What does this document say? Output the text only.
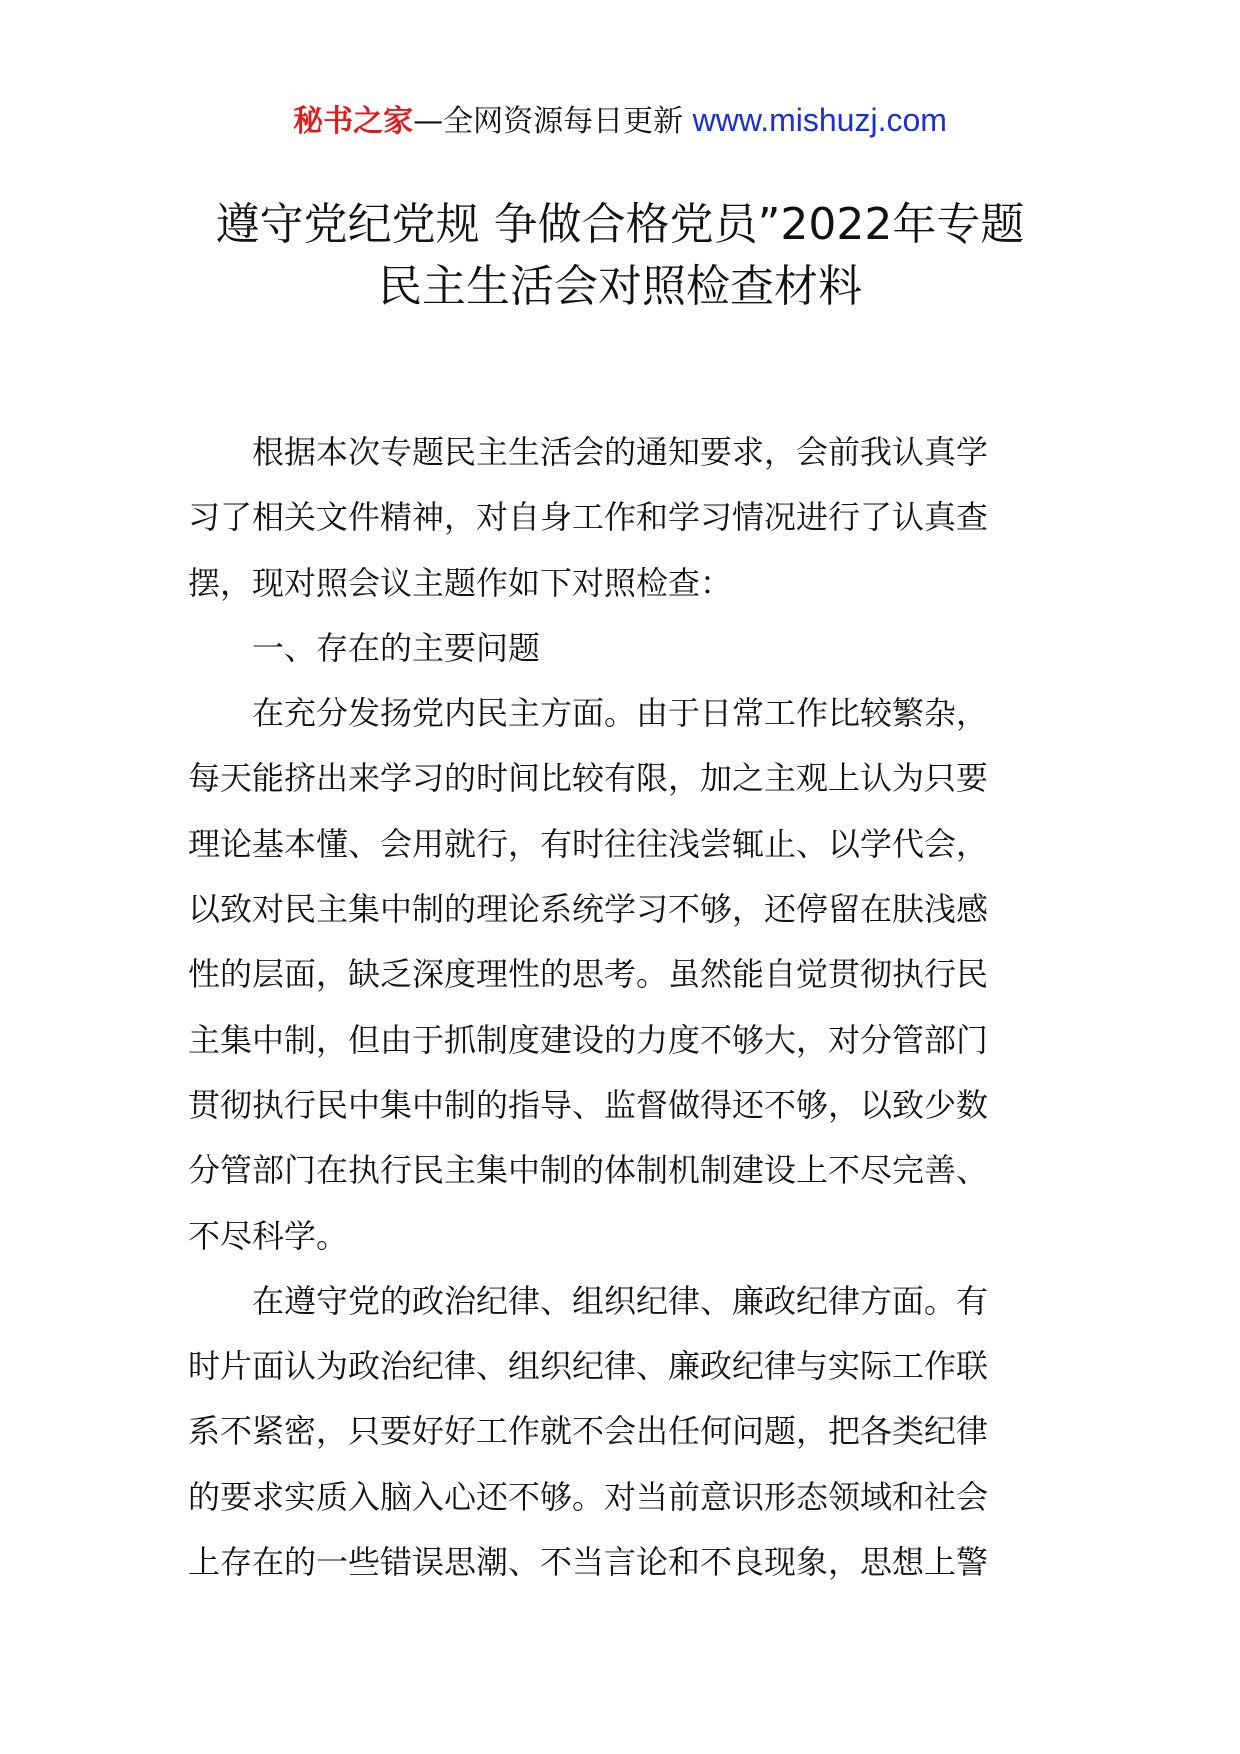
秘书之家—全网资源每日更新 www.mishuzj.com
遵守党纪党规 争做合格党员”2022年专题
民主生活会对照检查材料
根据本次专题民主生活会的通知要求，会前我认真学
习了相关文件精神，对自身工作和学习情况进行了认真查
摆，现对照会议主题作如下对照检查：
一、存在的主要问题
在充分发扬党内民主方面。由于日常工作比较繁杂，
每天能挤出来学习的时间比较有限，加之主观上认为只要
理论基本懂、会用就行，有时往往浅尝辄止、以学代会，
以致对民主集中制的理论系统学习不够，还停留在肤浅感
性的层面，缺乏深度理性的思考。虽然能自觉贯彻执行民
主集中制，但由于抓制度建设的力度不够大，对分管部门
贯彻执行民中集中制的指导、监督做得还不够，以致少数
分管部门在执行民主集中制的体制机制建设上不尽完善、
不尽科学。
在遵守党的政治纪律、组织纪律、廉政纪律方面。有
时片面认为政治纪律、组织纪律、廉政纪律与实际工作联
系不紧密，只要好好工作就不会出任何问题，把各类纪律
的要求实质入脑入心还不够。对当前意识形态领域和社会
上存在的一些错误思潮、不当言论和不良现象，思想上警
